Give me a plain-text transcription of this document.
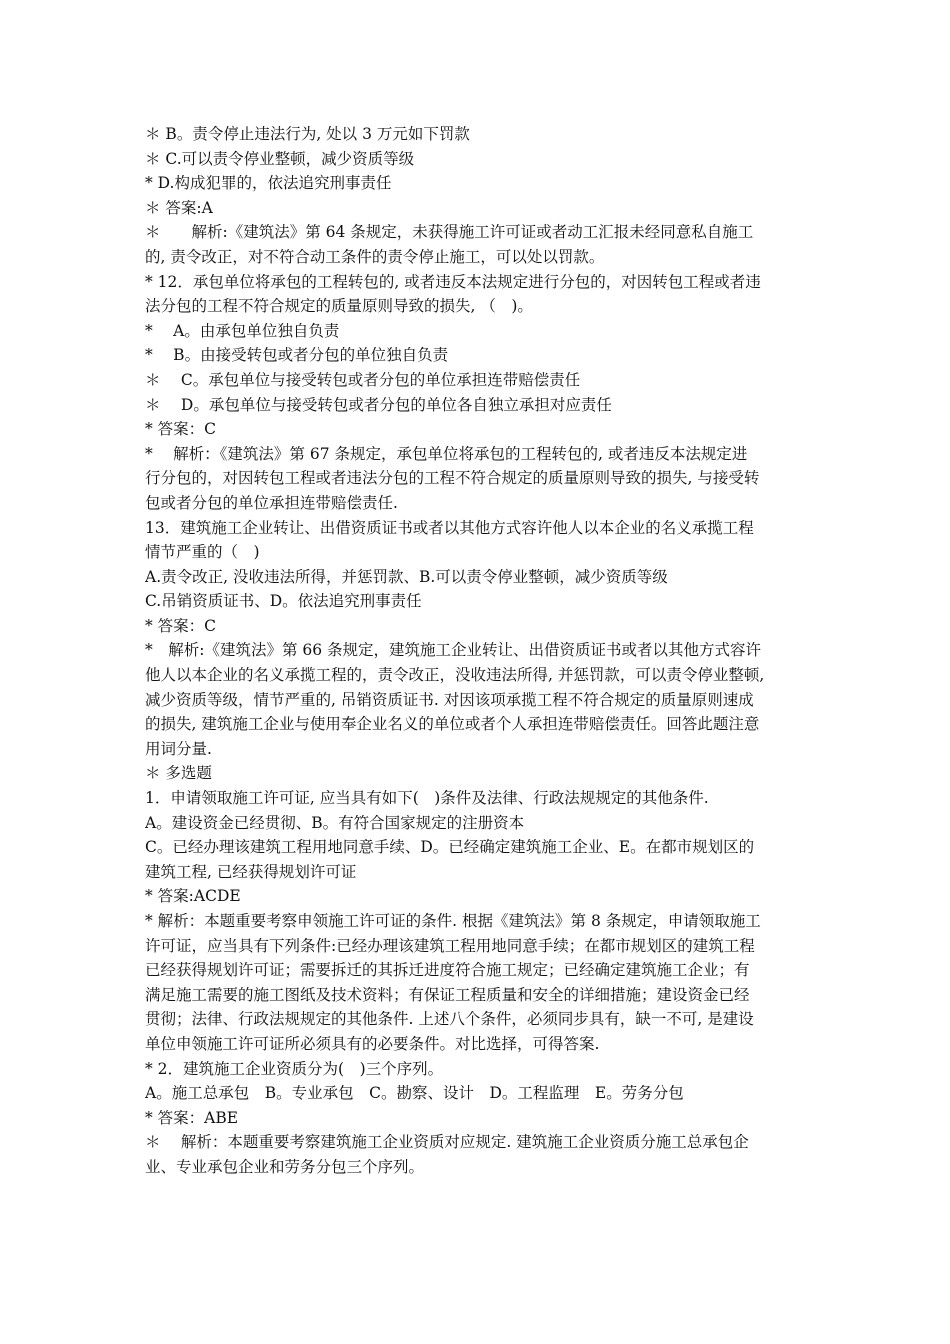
＊ B。责令停止违法行为, 处以 3 万元如下罚款
＊ C.可以责令停业整顿，减少资质等级
* D.构成犯罪的，依法追究刑事责任
＊ 答案:A
＊　　解析:《建筑法》第 64 条规定，未获得施工许可证或者动工汇报未经同意私自施工
的, 责令改正，对不符合动工条件的责令停止施工，可以处以罚款。
* 12．承包单位将承包的工程转包的, 或者违反本法规定进行分包的，对因转包工程或者违
法分包的工程不符合规定的质量原则导致的损失, （　)。
*　 A。由承包单位独自负责
*　 B。由接受转包或者分包的单位独自负责
＊　 C。承包单位与接受转包或者分包的单位承担连带赔偿责任
＊　 D。承包单位与接受转包或者分包的单位各自独立承担对应责任
* 答案：C
*　 解析：《建筑法》第 67 条规定，承包单位将承包的工程转包的, 或者违反本法规定进
行分包的，对因转包工程或者违法分包的工程不符合规定的质量原则导致的损失, 与接受转
包或者分包的单位承担连带赔偿责任.
13．建筑施工企业转让、出借资质证书或者以其他方式容许他人以本企业的名义承揽工程
情节严重的（　)
A.责令改正, 没收违法所得，并惩罚款、B.可以责令停业整顿，减少资质等级
C.吊销资质证书、D。依法追究刑事责任
* 答案：C
*　解析:《建筑法》第 66 条规定，建筑施工企业转让、出借资质证书或者以其他方式容许
他人以本企业的名义承揽工程的，责令改正，没收违法所得, 并惩罚款，可以责令停业整顿,
减少资质等级，情节严重的, 吊销资质证书. 对因该项承揽工程不符合规定的质量原则速成
的损失, 建筑施工企业与使用奉企业名义的单位或者个人承担连带赔偿责任。回答此题注意
用词分量.
＊ 多选题
1．申请领取施工许可证, 应当具有如下(　)条件及法律、行政法规规定的其他条件.
A。建设资金已经贯彻、B。有符合国家规定的注册资本
C。已经办理该建筑工程用地同意手续、D。已经确定建筑施工企业、E。在都市规划区的
建筑工程, 已经获得规划许可证
* 答案:ACDE
* 解析：本题重要考察申领施工许可证的条件. 根据《建筑法》第 8 条规定，申请领取施工
许可证，应当具有下列条件:已经办理该建筑工程用地同意手续；在都市规划区的建筑工程
已经获得规划许可证；需要拆迁的其拆迁进度符合施工规定；已经确定建筑施工企业；有
满足施工需要的施工图纸及技术资料；有保证工程质量和安全的详细措施；建设资金已经
贯彻；法律、行政法规规定的其他条件. 上述八个条件，必须同步具有，缺一不可, 是建设
单位申领施工许可证所必须具有的必要条件。对比选择，可得答案.
* 2．建筑施工企业资质分为(　)三个序列。
A。施工总承包　B。专业承包　C。勘察、设计　D。工程监理　E。劳务分包
* 答案：ABE
＊　 解析：本题重要考察建筑施工企业资质对应规定. 建筑施工企业资质分施工总承包企
业、专业承包企业和劳务分包三个序列。
